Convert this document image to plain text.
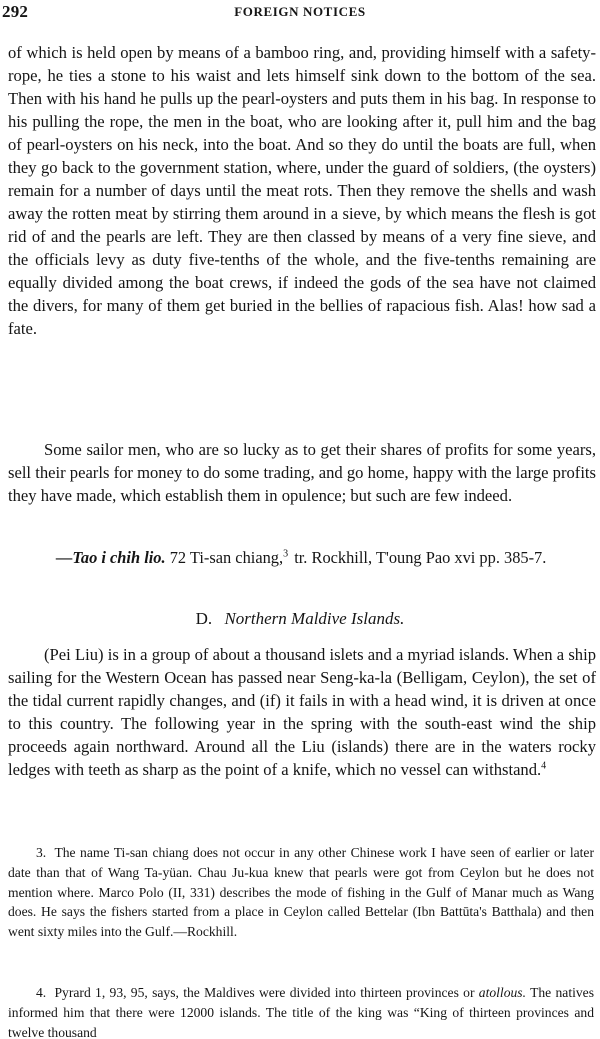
292	FOREIGN NOTICES

of which is held open by means of a bamboo ring, and, providing himself with a safety-rope, he ties a stone to his waist and lets himself sink down to the bottom of the sea. Then with his hand he pulls up the pearl-oysters and puts them in his bag. In response to his pulling the rope, the men in the boat, who are looking after it, pull him and the bag of pearl-oysters on his neck, into the boat. And so they do until the boats are full, when they go back to the government station, where, under the guard of soldiers, (the oysters) remain for a number of days until the meat rots. Then they remove the shells and wash away the rotten meat by stirring them around in a sieve, by which means the flesh is got rid of and the pearls are left. They are then classed by means of a very fine sieve, and the officials levy as duty five-tenths of the whole, and the five-tenths remaining are equally divided among the boat crews, if indeed the gods of the sea have not claimed the divers, for many of them get buried in the bellies of rapacious fish. Alas! how sad a fate.

Some sailor men, who are so lucky as to get their shares of profits for some years, sell their pearls for money to do some trading, and go home, happy with the large profits they have made, which establish them in opulence; but such are few indeed.

—Tao i chih lio. 72 Ti-san chiang,$^3$ tr. Rockhill, T'oung Pao xvi pp. 385-7.
D. Northern Maldive Islands.

(Pei Liu) is in a group of about a thousand islets and a myriad islands. When a ship sailing for the Western Ocean has passed near Seng-ka-la (Belligam, Ceylon), the set of the tidal current rapidly changes, and (if) it fails in with a head wind, it is driven at once to this country. The following year in the spring with the south-east wind the ship proceeds again northward. Around all the Liu (islands) there are in the waters rocky ledges with teeth as sharp as the point of a knife, which no vessel can withstand.$^4$

3. The name Ti-san chiang does not occur in any other Chinese work I have seen of earlier or later date than that of Wang Ta-yüan. Chau Ju-kua knew that pearls were got from Ceylon but he does not mention where. Marco Polo (II, 331) describes the mode of fishing in the Gulf of Manar much as Wang does. He says the fishers started from a place in Ceylon called Bettelar (Ibn Battūta's Batthala) and then went sixty miles into the Gulf.—Rockhill.
4. Pyrard 1, 93, 95, says, the Maldives were divided into thirteen provinces or atollous. The natives informed him that there were 12000 islands. The title of the king was “King of thirteen provinces and twelve thousand
